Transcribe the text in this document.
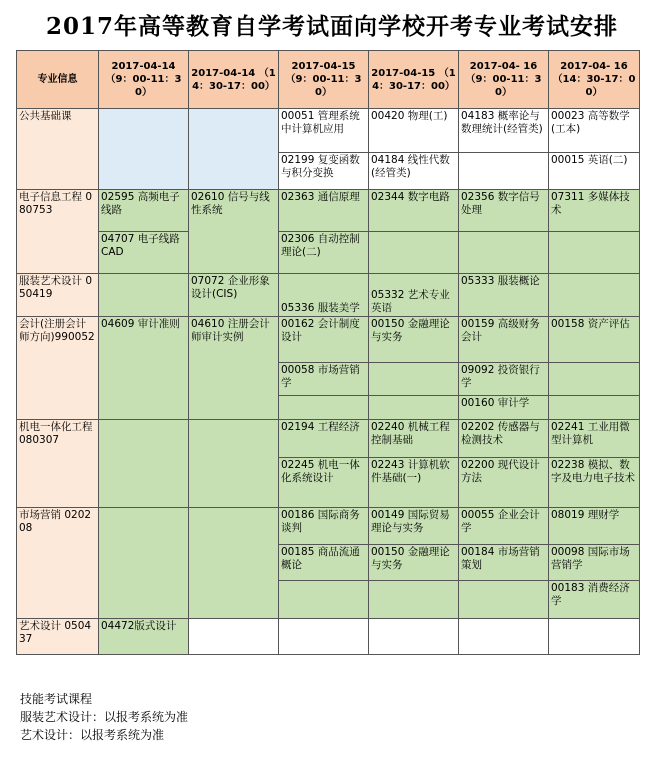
2017年高等教育自学考试面向学校开考专业考试安排
专业信息	2017-04-14 （9：00-11：30）	2017-04-14 （14：30-17：00）	2017-04-15 （9：00-11：30）	2017-04-15 （14：30-17：00）	2017-04- 16 （9：00-11：30）	2017-04- 16 （14：30-17：00）
公共基础课			00051 管理系统中计算机应用	00420 物理(工)	04183 概率论与数理统计(经管类)	00023 高等数学(工本)
			02199 复变函数与积分变换	04184 线性代数(经管类)		00015 英语(二)
电子信息工程 080753	02595 高频电子线路	02610 信号与线性系统	02363 通信原理	02344 数字电路	02356 数字信号处理	07311 多媒体技术
	04707 电子线路CAD		02306 自动控制理论(二)			
服装艺术设计 050419		07072 企业形象设计(CIS)	05336 服装美学	05332 艺术专业英语	05333 服装概论	
会计(注册会计师方向)990052	04609 审计准则	04610 注册会计师审计实例	00162 会计制度设计	00150 金融理论与实务	00159 高级财务会计	00158 资产评估
			00058 市场营销学		09092 投资银行学	
					00160 审计学	
机电一体化工程080307			02194 工程经济	02240 机械工程控制基础	02202 传感器与检测技术	02241 工业用微型计算机
			02245 机电一体化系统设计	02243 计算机软件基础(一)	02200 现代设计方法	02238 模拟、数字及电力电子技术
市场营销 020208			00186 国际商务谈判	00149 国际贸易理论与实务	00055 企业会计学	08019 理财学
			00185 商品流通概论	00150 金融理论与实务	00184 市场营销策划	00098 国际市场营销学
						00183 消费经济学
艺术设计 050437	04472版式设计					
技能考试课程
服装艺术设计：以报考系统为准
艺术设计：以报考系统为准
